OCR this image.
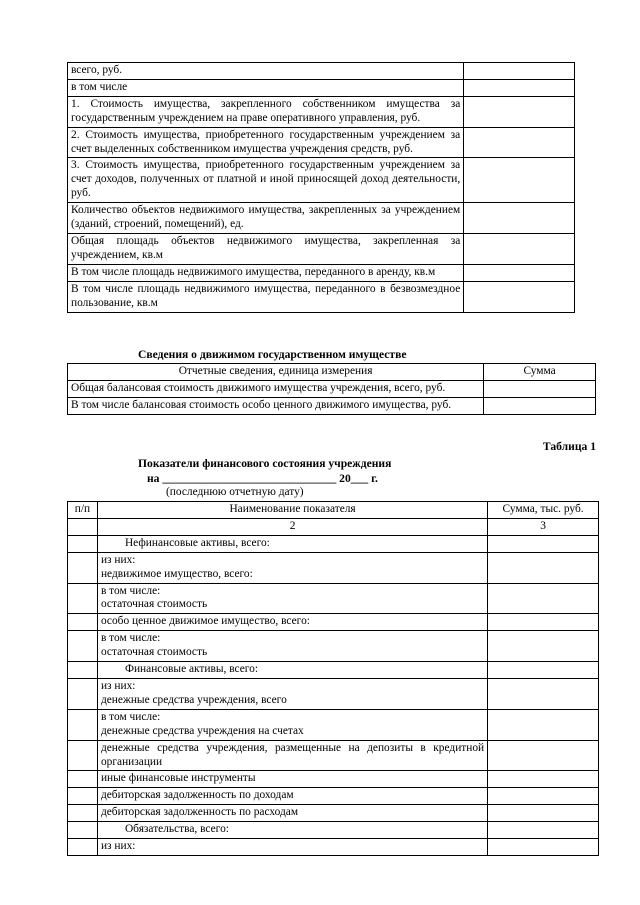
всего, руб.	
в том числе	
1. Стоимость имущества, закрепленного собственником имущества за государственным учреждением на праве оперативного управления, руб.	
2. Стоимость имущества, приобретенного государственным учреждением за счет выделенных собственником имущества учреждения средств, руб.	
3. Стоимость имущества, приобретенного государственным учреждением за счет доходов, полученных от платной и иной приносящей доход деятельности, руб.	
Количество объектов недвижимого имущества, закрепленных за учреждением (зданий, строений, помещений), ед.	
Общая площадь объектов недвижимого имущества, закрепленная за учреждением, кв.м	
В том числе площадь недвижимого имущества, переданного в аренду, кв.м	
В том числе площадь недвижимого имущества, переданного в безвозмездное пользование, кв.м	
Сведения о движимом государственном имуществе
Отчетные сведения, единица измерения	Сумма
Общая балансовая стоимость движимого имущества учреждения, всего, руб.	
В том числе балансовая стоимость особо ценного движимого имущества, руб.	
Таблица 1
Показатели финансового состояния учреждения
на ______________________________ 20___ г.
(последнюю отчетную дату)
п/п	Наименование показателя	Сумма, тыс. руб.
	2	3

	Нефинансовые активы, всего:	

	из них:
недвижимое имущество, всего:	

	в том числе:
остаточная стоимость	

	особо ценное движимое имущество, всего:	

	в том числе:
остаточная стоимость	

	Финансовые активы, всего:	

	из них:
денежные средства учреждения, всего	

	в том числе:
денежные средства учреждения на счетах	

	денежные средства учреждения, размещенные на депозиты в кредитной организации	

	иные финансовые инструменты	

	дебиторская задолженность по доходам	

	дебиторская задолженность по расходам	

	Обязательства, всего:	

	из них:	
